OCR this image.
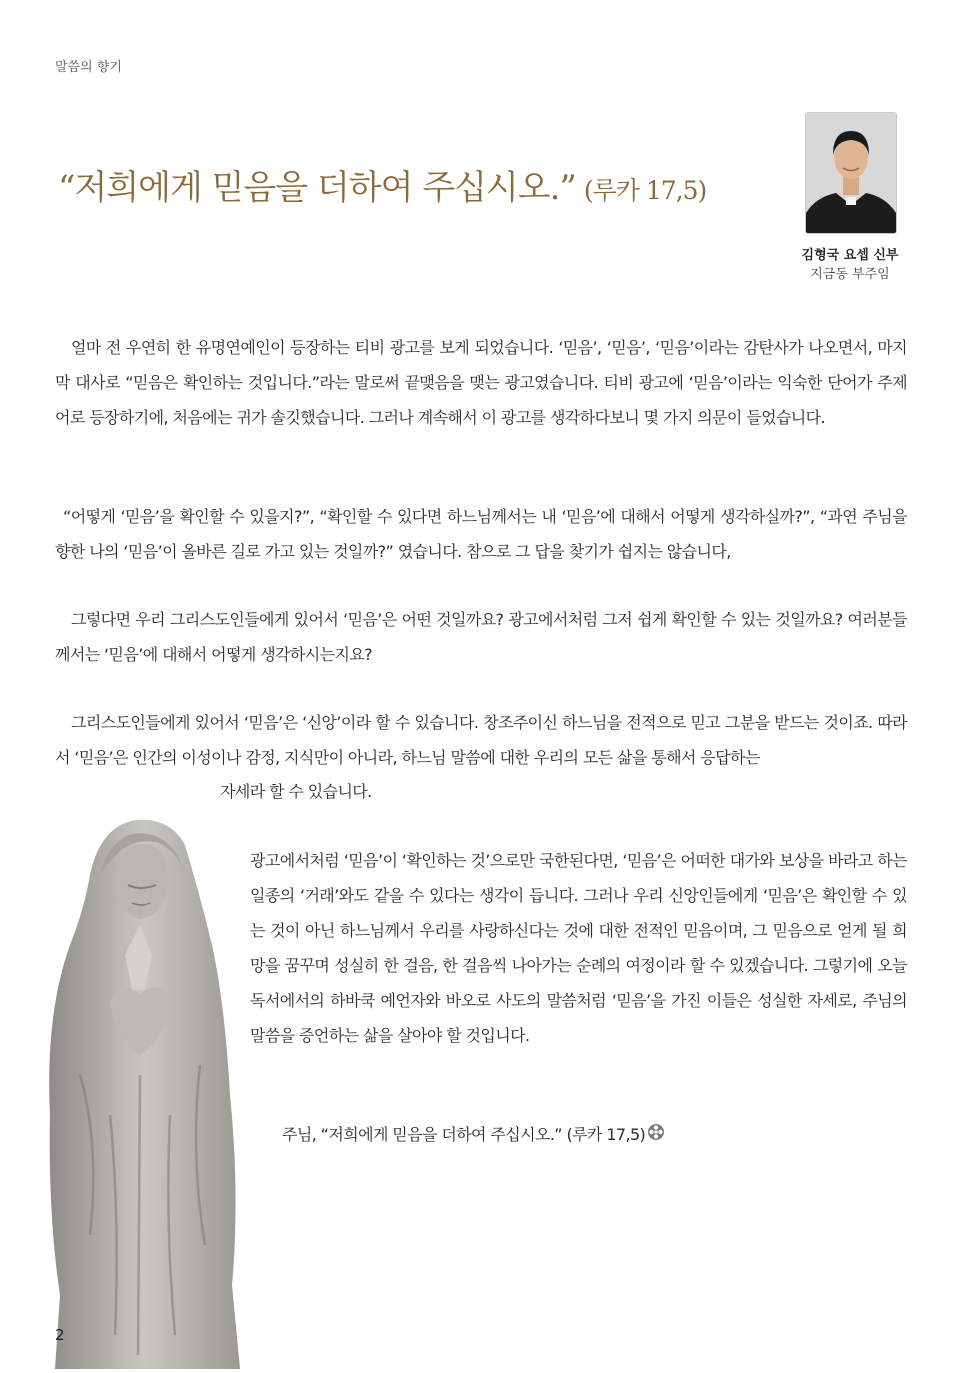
말씀의 향기
“저희에게 믿음을 더하여 주십시오.” (루카 17,5)
김형국 요셉 신부
지금동 부주임

얼마 전 우연히 한 유명연예인이 등장하는 티비 광고를 보게 되었습니다. ‘믿음’, ‘믿음’, ‘믿음’이라는 감탄사가 나오면서, 마지막 대사로 “믿음은 확인하는 것입니다.”라는 말로써 끝맺음을 맺는 광고였습니다. 티비 광고에 ‘믿음’이라는 익숙한 단어가 주제어로 등장하기에, 처음에는 귀가 솔깃했습니다. 그러나 계속해서 이 광고를 생각하다보니 몇 가지 의문이 들었습니다.

“어떻게 ‘믿음’을 확인할 수 있을지?”, “확인할 수 있다면 하느님께서는 내 ‘믿음’에 대해서 어떻게 생각하실까?”, “과연 주님을 향한 나의 ‘믿음’이 올바른 길로 가고 있는 것일까?” 였습니다. 참으로 그 답을 찾기가 쉽지는 않습니다,

그렇다면 우리 그리스도인들에게 있어서 ‘믿음’은 어떤 것일까요? 광고에서처럼 그저 쉽게 확인할 수 있는 것일까요? 여러분들께서는 ‘믿음’에 대해서 어떻게 생각하시는지요?

그리스도인들에게 있어서 ‘믿음’은 ‘신앙’이라 할 수 있습니다. 창조주이신 하느님을 전적으로 믿고 그분을 받드는 것이죠. 따라서 ‘믿음’은 인간의 이성이나 감정, 지식만이 아니라, 하느님 말씀에 대한 우리의 모든 삶을 통해서 응답하는

자세라 할 수 있습니다.

광고에서처럼 ‘믿음’이 ‘확인하는 것’으로만 국한된다면, ‘믿음’은 어떠한 대가와 보상을 바라고 하는 일종의 ‘거래’와도 같을 수 있다는 생각이 듭니다. 그러나 우리 신앙인들에게 ‘믿음’은 확인할 수 있는 것이 아닌 하느님께서 우리를 사랑하신다는 것에 대한 전적인 믿음이며, 그 믿음으로 얻게 될 희망을 꿈꾸며 성실히 한 걸음, 한 걸음씩 나아가는 순례의 여정이라 할 수 있겠습니다. 그렇기에 오늘 독서에서의 하바쿡 예언자와 바오로 사도의 말씀처럼 ‘믿음’을 가진 이들은 성실한 자세로, 주님의 말씀을 증언하는 삶을 살아야 할 것입니다.

주님, “저희에게 믿음을 더하여 주십시오.” (루카 17,5)

2
